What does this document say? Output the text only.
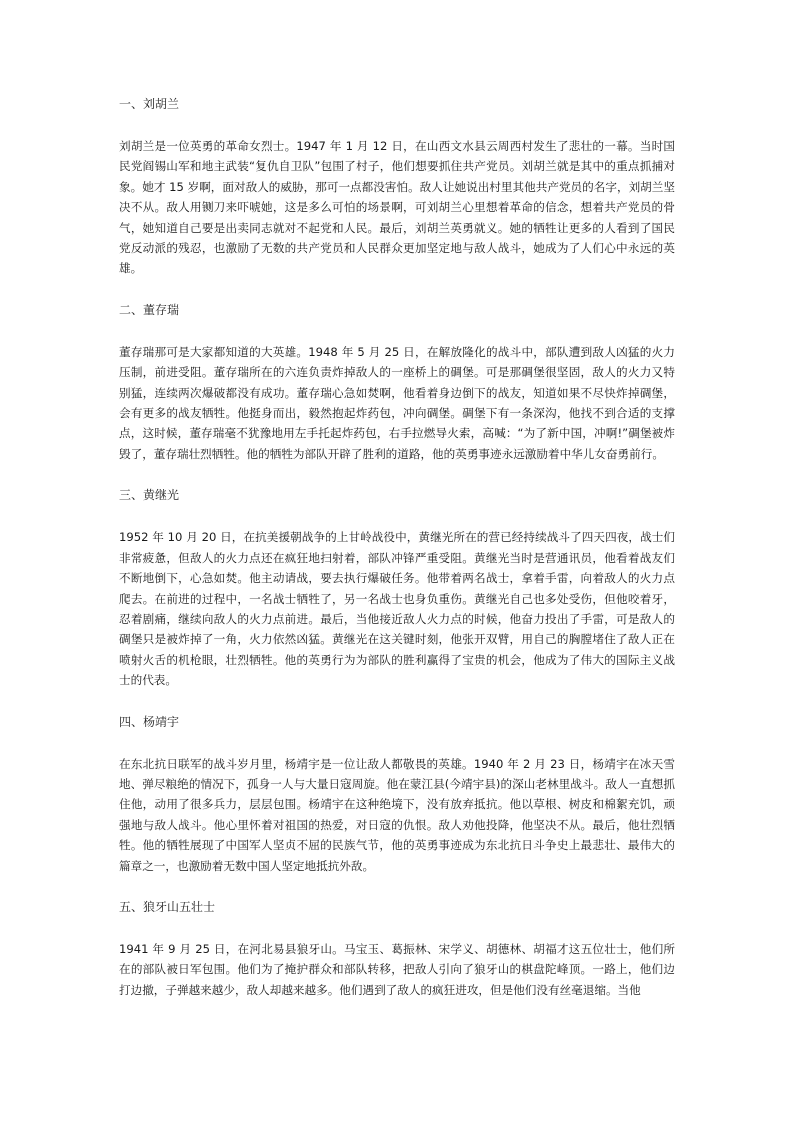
一、刘胡兰

刘胡兰是一位英勇的革命女烈士。1947 年 1 月 12 日，在山西文水县云周西村发生了悲壮的一幕。当时国民党阎锡山军和地主武装“复仇自卫队”包围了村子，他们想要抓住共产党员。刘胡兰就是其中的重点抓捕对象。她才 15 岁啊，面对敌人的威胁，那可一点都没害怕。敌人让她说出村里其他共产党员的名字，刘胡兰坚决不从。敌人用铡刀来吓唬她，这是多么可怕的场景啊，可刘胡兰心里想着革命的信念，想着共产党员的骨气，她知道自己要是出卖同志就对不起党和人民。最后，刘胡兰英勇就义。她的牺牲让更多的人看到了国民党反动派的残忍，也激励了无数的共产党员和人民群众更加坚定地与敌人战斗，她成为了人们心中永远的英雄。

二、董存瑞

董存瑞那可是大家都知道的大英雄。1948 年 5 月 25 日，在解放隆化的战斗中，部队遭到敌人凶猛的火力压制，前进受阻。董存瑞所在的六连负责炸掉敌人的一座桥上的碉堡。可是那碉堡很坚固，敌人的火力又特别猛，连续两次爆破都没有成功。董存瑞心急如焚啊，他看着身边倒下的战友，知道如果不尽快炸掉碉堡，会有更多的战友牺牲。他挺身而出，毅然抱起炸药包，冲向碉堡。碉堡下有一条深沟，他找不到合适的支撑点，这时候，董存瑞毫不犹豫地用左手托起炸药包，右手拉燃导火索，高喊：“为了新中国，冲啊!”碉堡被炸毁了，董存瑞壮烈牺牲。他的牺牲为部队开辟了胜利的道路，他的英勇事迹永远激励着中华儿女奋勇前行。

三、黄继光

1952 年 10 月 20 日，在抗美援朝战争的上甘岭战役中，黄继光所在的营已经持续战斗了四天四夜，战士们非常疲惫，但敌人的火力点还在疯狂地扫射着，部队冲锋严重受阻。黄继光当时是营通讯员，他看着战友们不断地倒下，心急如焚。他主动请战，要去执行爆破任务。他带着两名战士，拿着手雷，向着敌人的火力点爬去。在前进的过程中，一名战士牺牲了，另一名战士也身负重伤。黄继光自己也多处受伤，但他咬着牙，忍着剧痛，继续向敌人的火力点前进。最后，当他接近敌人火力点的时候，他奋力投出了手雷，可是敌人的碉堡只是被炸掉了一角，火力依然凶猛。黄继光在这关键时刻，他张开双臂，用自己的胸膛堵住了敌人正在喷射火舌的机枪眼，壮烈牺牲。他的英勇行为为部队的胜利赢得了宝贵的机会，他成为了伟大的国际主义战士的代表。

四、杨靖宇

在东北抗日联军的战斗岁月里，杨靖宇是一位让敌人都敬畏的英雄。1940 年 2 月 23 日，杨靖宇在冰天雪地、弹尽粮绝的情况下，孤身一人与大量日寇周旋。他在蒙江县(今靖宇县)的深山老林里战斗。敌人一直想抓住他，动用了很多兵力，层层包围。杨靖宇在这种绝境下，没有放弃抵抗。他以草根、树皮和棉絮充饥，顽强地与敌人战斗。他心里怀着对祖国的热爱，对日寇的仇恨。敌人劝他投降，他坚决不从。最后，他壮烈牺牲。他的牺牲展现了中国军人坚贞不屈的民族气节，他的英勇事迹成为东北抗日斗争史上最悲壮、最伟大的篇章之一，也激励着无数中国人坚定地抵抗外敌。

五、狼牙山五壮士

1941 年 9 月 25 日，在河北易县狼牙山。马宝玉、葛振林、宋学义、胡德林、胡福才这五位壮士，他们所在的部队被日军包围。他们为了掩护群众和部队转移，把敌人引向了狼牙山的棋盘陀峰顶。一路上，他们边打边撤，子弹越来越少，敌人却越来越多。他们遇到了敌人的疯狂进攻，但是他们没有丝毫退缩。当他
